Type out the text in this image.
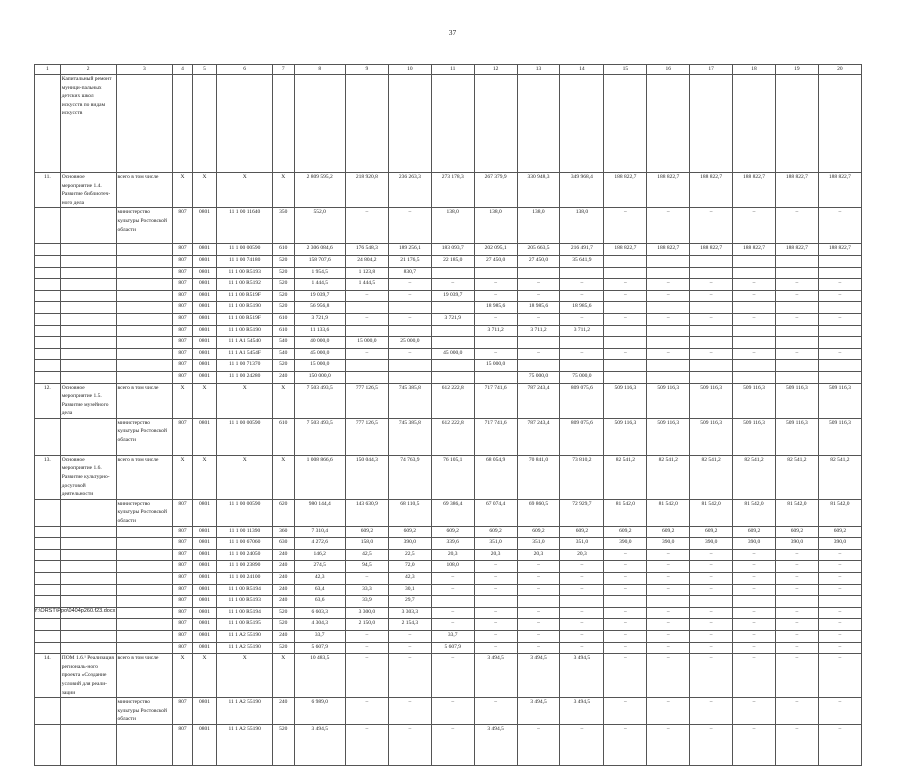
37
1	2	3	4	5	6	7	8	9	10	11	12	13	14	15	16	17	18	19	20
	Капитальный ремонт муници-пальных детских школ искусств по видам искусств																		
11.	Основное мероприятие 1.4. Развитие библиотеч-ного дела	всего в том числе	X	X	X	X	2 809 595,2	218 920,8	236 263,3	273 178,3	267 379,9	330 948,3	349 968,4	188 822,7	188 822,7	188 822,7	188 822,7	188 822,7	188 822,7
		министерство культуры Ростовской области	807	0801	11 1 00 11640	350	552,0	–	–	138,0	138,0	138,0	138,0	–	–	–	–	–	–
			807	0801	11 1 00 00590	610	2 306 084,6	176 548,3	189 256,1	183 093,7	202 095,1	205 663,5	216 491,7	188 822,7	188 822,7	188 822,7	188 822,7	188 822,7	188 822,7
			807	0801	11 1 00 74180	520	158 707,6	24 804,2	21 176,5	22 185,0	27 450,0	27 450,0	35 641,9						
			807	0801	11 1 00 R5193	520	1 954,5	1 123,8	830,7										
			807	0801	11 1 00 R5192	520	1 444,5	1 444,5	–	–	–	–	–	–	–	–	–	–	–
			807	0801	11 1 00 R519F	520	19 039,7	–	–	19 039,7	–	–	–	–	–	–	–	–	–
			807	0801	11 1 00 R5190	520	56 956,8				18 985,6	18 985,6	18 985,6						
			807	0801	11 1 00 R519F	610	3 721,9	–	–	3 721,9	–	–	–	–	–	–	–	–	–
			807	0801	11 1 00 R5190	610	11 133,6				3 711,2	3 711,2	3 711,2						
			807	0801	11 1 A1 54540	540	40 000,0	15 000,0	25 000,0										
			807	0801	11 1 A1 5454F	540	45 000,0	–	–	45 000,0	–	–	–	–	–	–	–	–	–
			807	0801	11 1 00 71370	520	15 000,0				15 000,0								
			807	0801	11 1 00 24280	240	150 000,0					75 000,0	75 000,0						
12.	Основное мероприятие 1.5. Развитие музейного дела	всего в том числе	X	X	X	X	7 503 493,5	777 126,5	745 385,8	612 222,8	717 741,6	787 243,4	809 075,6	509 116,3	509 116,3	509 116,3	509 116,3	509 116,3	509 116,3
		министерство культуры Ростовской области	807	0801	11 1 00 00590	610	7 503 493,5	777 126,5	745 385,8	612 222,8	717 741,6	787 243,4	809 075,6	509 116,3	509 116,3	509 116,3	509 116,3	509 116,3	509 116,3
13.	Основное мероприятие 1.6. Развитие культурно-досуговой деятельности	всего в том числе	X	X	X	X	1 008 866,6	150 044,3	74 763,9	76 105,1	68 054,9	70 841,0	73 810,2	82 541,2	82 541,2	82 541,2	82 541,2	82 541,2	82 541,2
		министерство культуры Ростовской области	807	0801	11 1 00 00590	620	980 144,4	143 630,9	68 110,5	69 386,4	67 074,4	69 860,5	72 929,7	81 542,0	81 542,0	81 542,0	81 542,0	81 542,0	81 542,0
			807	0801	11 1 00 11390	360	7 310,4	609,2	609,2	609,2	609,2	609,2	609,2	609,2	609,2	609,2	609,2	609,2	609,2
			807	0801	11 1 00 67060	630	4 272,6	158,0	390,0	339,6	351,0	351,0	351,0	390,0	390,0	390,0	390,0	390,0	390,0
			807	0801	11 1 00 24050	240	146,2	42,5	22,5	20,3	20,3	20,3	20,3	–	–	–	–	–	–
			807	0801	11 1 00 23890	240	274,5	94,5	72,0	108,0	–	–	–	–	–	–	–	–	–
			807	0801	11 1 00 24100	240	42,3	–	42,3	–	–	–	–	–	–	–	–	–	–
			807	0801	11 1 00 R5194	240	63,4	33,3	30,1	–	–	–	–	–	–	–	–	–	–
			807	0801	11 1 00 R5193	240	63,6	33,9	29,7										
			807	0801	11 1 00 R5194	520	6 603,3	3 300,0	3 303,3	–	–	–	–	–	–	–	–	–	–
			807	0801	11 1 00 R5195	520	4 304,3	2 150,0	2 154,3	–	–	–	–	–	–	–	–	–	–
			807	0801	11 1 A2 55190	240	33,7	–	–	33,7	–	–	–	–	–	–	–	–	–
			807	0801	11 1 A2 55190	520	5 607,9	–	–	5 607,9	–	–	–	–	–	–	–	–	–
14.	ПОМ 1.6.¹ Реализация региональ-ного проекта «Создание условий для реали-зации	всего в том числе	X	X	X	X	10 483,5	–	–	–	3 494,5	3 494,5	3 494,5	–	–	–	–	–	–
		министерство культуры Ростовской области	807	0801	11 1 A2 55190	240	6 989,0	–	–	–	–	3 494,5	3 494,5	–	–	–	–	–	–
			807	0801	11 1 A2 55190	520	3 494,5	–	–	–	3 494,5	–	–	–	–	–	–	–	–
Y:\ORST\Ppo\0404p260.f23.docx
